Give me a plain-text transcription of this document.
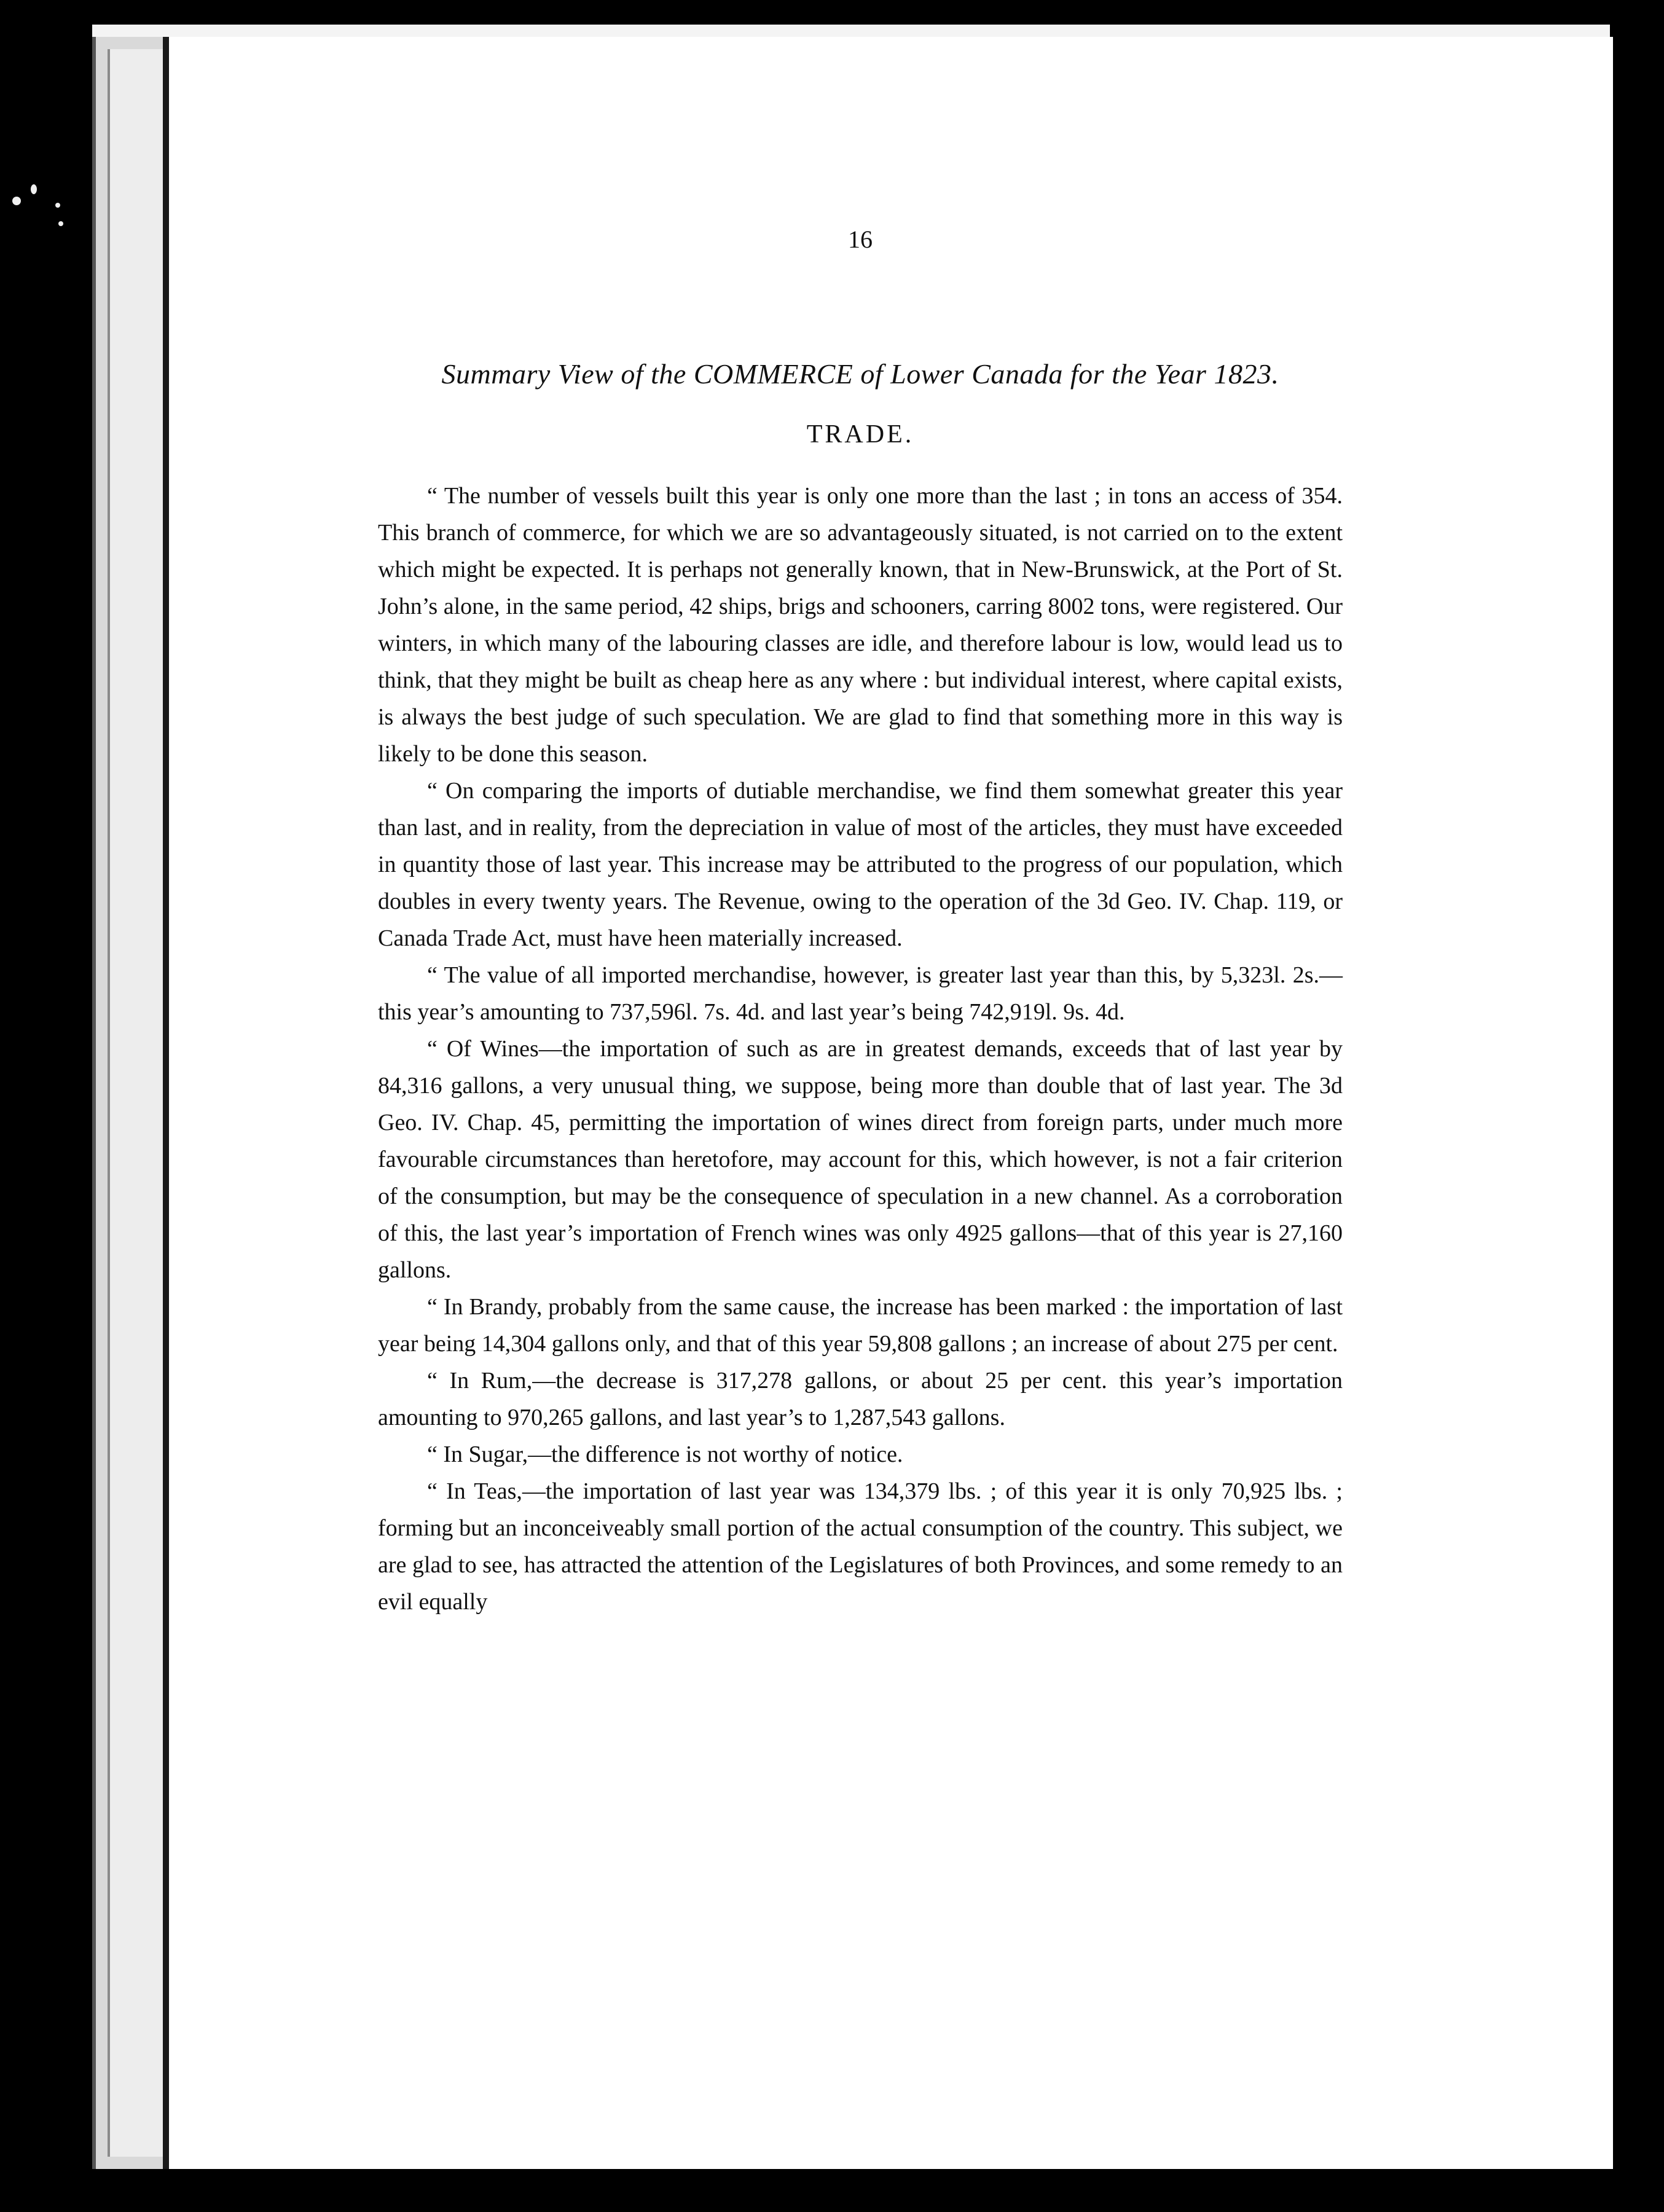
16
Summary View of the COMMERCE of Lower Canada for the Year 1823.
TRADE.

“ The number of vessels built this year is only one more than the last ; in tons an access of 354. This branch of commerce, for which we are so advantageously situated, is not carried on to the extent which might be expected. It is perhaps not generally known, that in New-Brunswick, at the Port of St. John’s alone, in the same period, 42 ships, brigs and schooners, carring 8002 tons, were registered. Our winters, in which many of the labouring classes are idle, and therefore labour is low, would lead us to think, that they might be built as cheap here as any where : but individual interest, where capital exists, is always the best judge of such speculation. We are glad to find that something more in this way is likely to be done this season.

“ On comparing the imports of dutiable merchandise, we find them somewhat greater this year than last, and in reality, from the depreciation in value of most of the articles, they must have exceeded in quantity those of last year. This increase may be attributed to the progress of our population, which doubles in every twenty years. The Revenue, owing to the operation of the 3d Geo. IV. Chap. 119, or Canada Trade Act, must have heen materially increased.

“ The value of all imported merchandise, however, is greater last year than this, by 5,323l. 2s.—this year’s amounting to 737,596l. 7s. 4d. and last year’s being 742,919l. 9s. 4d.

“ Of Wines—the importation of such as are in greatest demands, exceeds that of last year by 84,316 gallons, a very unusual thing, we suppose, being more than double that of last year. The 3d Geo. IV. Chap. 45, permitting the importation of wines direct from foreign parts, under much more favourable circumstances than heretofore, may account for this, which however, is not a fair criterion of the consumption, but may be the consequence of speculation in a new channel. As a corroboration of this, the last year’s importation of French wines was only 4925 gallons—that of this year is 27,160 gallons.

“ In Brandy, probably from the same cause, the increase has been marked : the importation of last year being 14,304 gallons only, and that of this year 59,808 gallons ; an increase of about 275 per cent.

“ In Rum,—the decrease is 317,278 gallons, or about 25 per cent. this year’s importation amounting to 970,265 gallons, and last year’s to 1,287,543 gallons.

“ In Sugar,—the difference is not worthy of notice.

“ In Teas,—the importation of last year was 134,379 lbs. ; of this year it is only 70,925 lbs. ; forming but an inconceiveably small portion of the actual consumption of the country. This subject, we are glad to see, has attracted the attention of the Legislatures of both Provinces, and some remedy to an evil equally
